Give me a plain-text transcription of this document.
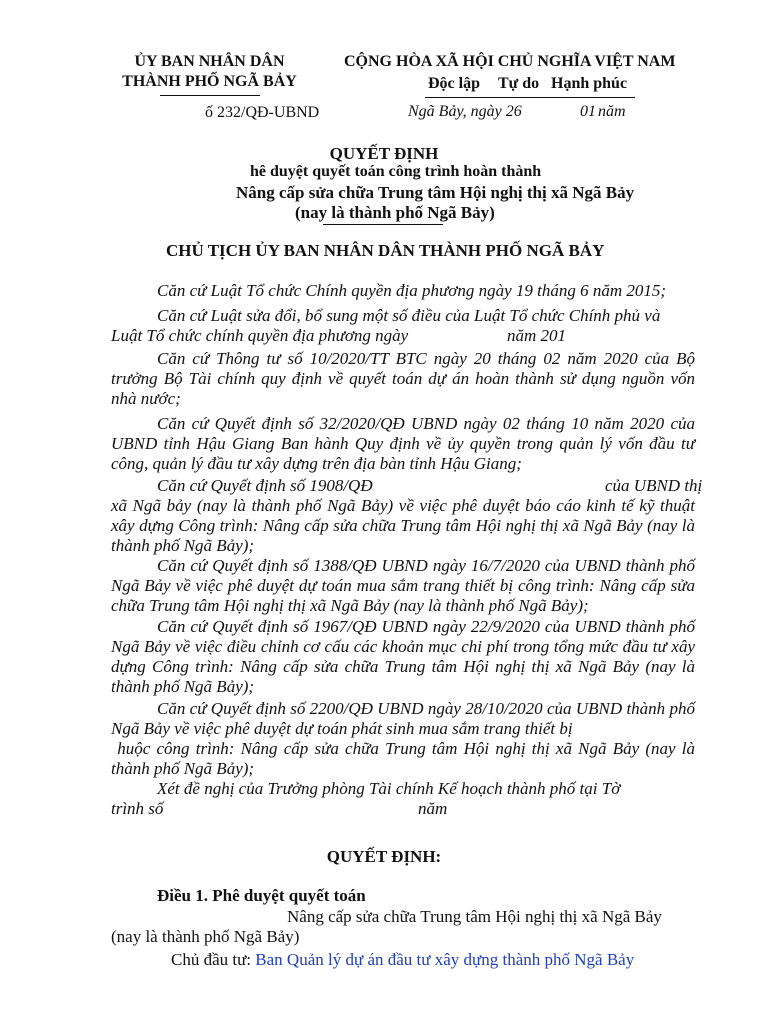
ỦY BAN NHÂN DÂN
THÀNH PHỐ NGÃ BẢY
CỘNG HÒA XÃ HỘI CHỦ NGHĨA VIỆT NAM
Độc lập Tự do Hạnh phúc
ố 232/QĐ-UBND	Ngã Bảy, ngày 26	01 năm
QUYẾT ĐỊNH
hê duyệt quyết toán công trình hoàn thành
Nâng cấp sửa chữa Trung tâm Hội nghị thị xã Ngã Bảy
(nay là thành phố Ngã Bảy)
CHỦ TỊCH ỦY BAN NHÂN DÂN THÀNH PHỐ NGÃ BẢY
Căn cứ Luật Tổ chức Chính quyền địa phương ngày 19 tháng 6 năm 2015;
Căn cứ Luật sửa đổi, bổ sung một số điều của Luật Tổ chức Chính phủ và
Luật Tổ chức chính quyền địa phương ngày	năm 201
Căn cứ Thông tư số 10/2020/TT BTC ngày 20 tháng 02 năm 2020 của Bộ trưởng Bộ Tài chính quy định về quyết toán dự án hoàn thành sử dụng nguồn vốn nhà nước;
Căn cứ Quyết định số 32/2020/QĐ UBND ngày 02 tháng 10 năm 2020 của UBND tỉnh Hậu Giang Ban hành Quy định về ủy quyền trong quản lý vốn đầu tư công, quản lý đầu tư xây dựng trên địa bàn tỉnh Hậu Giang;
Căn cứ Quyết định số 1908/QĐ	của UBND thị
xã Ngã bảy (nay là thành phố Ngã Bảy) về việc phê duyệt báo cáo kinh tế kỹ thuật xây dựng Công trình: Nâng cấp sửa chữa Trung tâm Hội nghị thị xã Ngã Bảy (nay là thành phố Ngã Bảy);
Căn cứ Quyết định số 1388/QĐ UBND ngày 16/7/2020 của UBND thành phố Ngã Bảy về việc phê duyệt dự toán mua sắm trang thiết bị công trình: Nâng cấp sửa chữa Trung tâm Hội nghị thị xã Ngã Bảy (nay là thành phố Ngã Bảy);
Căn cứ Quyết định số 1967/QĐ UBND ngày 22/9/2020 của UBND thành phố Ngã Bảy về việc điều chỉnh cơ cấu các khoản mục chi phí trong tổng mức đầu tư xây dựng Công trình: Nâng cấp sửa chữa Trung tâm Hội nghị thị xã Ngã Bảy (nay là thành phố Ngã Bảy);
Căn cứ Quyết định số 2200/QĐ UBND ngày 28/10/2020 của UBND thành phố Ngã Bảy về việc phê duyệt dự toán phát sinh mua sắm trang thiết bị
huộc công trình: Nâng cấp sửa chữa Trung tâm Hội nghị thị xã Ngã Bảy (nay là thành phố Ngã Bảy);
Xét đề nghị của Trưởng phòng Tài chính Kế hoạch thành phố tại Tờ
trình số	năm
QUYẾT ĐỊNH:
Điều 1. Phê duyệt quyết toán
Nâng cấp sửa chữa Trung tâm Hội nghị thị xã Ngã Bảy
(nay là thành phố Ngã Bảy)
Chủ đầu tư: Ban Quản lý dự án đầu tư xây dựng thành phố Ngã Bảy
